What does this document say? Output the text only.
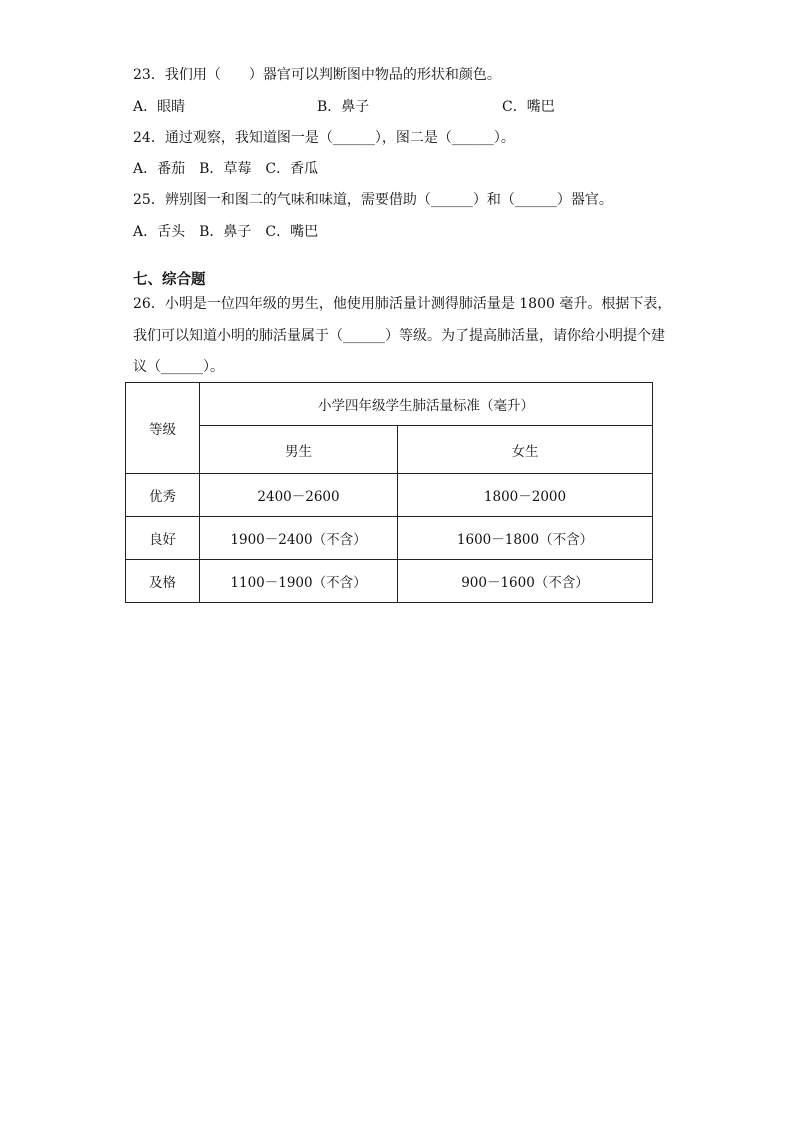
23．我们用（　　）器官可以判断图中物品的形状和颜色。
A．眼睛	B．鼻子	C．嘴巴
24．通过观察，我知道图一是（______），图二是（______）。
A．番茄　B．草莓　C．香瓜
25．辨别图一和图二的气味和味道，需要借助（______）和（______）器官。
A．舌头　B．鼻子　C．嘴巴
七、综合题
26．小明是一位四年级的男生，他使用肺活量计测得肺活量是 1800 毫升。根据下表，
我们可以知道小明的肺活量属于（______）等级。为了提高肺活量，请你给小明提个建
议（______）。
等级	小学四年级学生肺活量标准（毫升）	
	男生	女生
优秀	2400－2600	1800－2000
良好	1900－2400（不含）	1600－1800（不含）
及格	1100－1900（不含）	900－1600（不含）
